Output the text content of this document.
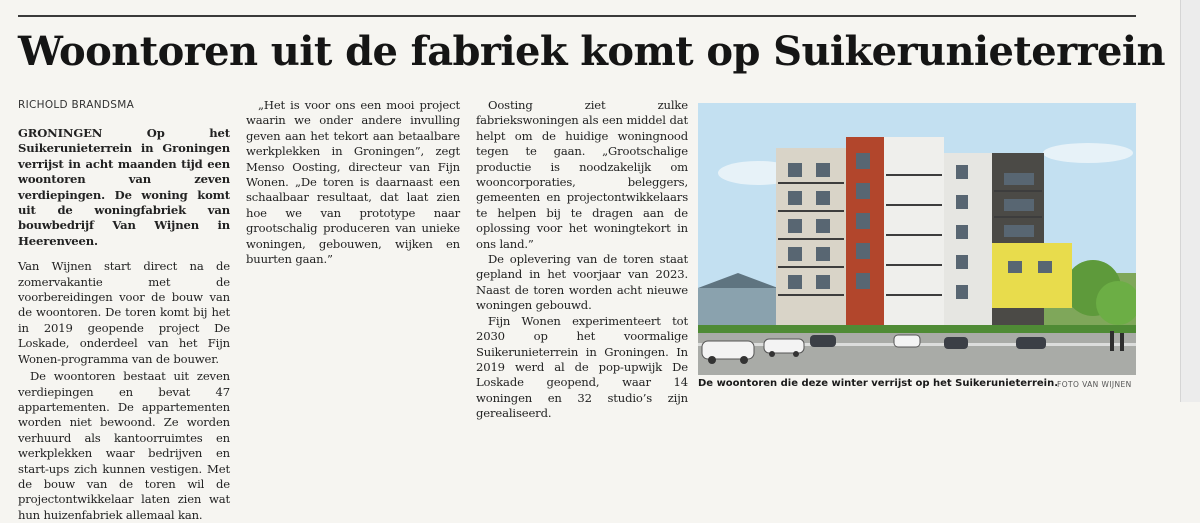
Woontoren uit de fabriek komt op Suikerunieterrein
RICHOLD BRANDSMA

GRONINGEN Op het Suikerunieterrein in Groningen verrijst in acht maanden tijd een woontoren van zeven verdiepingen. De woning komt uit de woningfabriek van bouwbedrijf Van Wijnen in Heerenveen.

Van Wijnen start direct na de zomervakantie met de voorbereidingen voor de bouw van de woontoren. De toren komt bij het in 2019 geopende project De Loskade, onderdeel van het Fijn Wonen-programma van de bouwer.

De woontoren bestaat uit zeven verdiepingen en bevat 47 appartementen. De appartementen worden niet bewoond. Ze worden verhuurd als kantoorruimtes en werkplekken waar bedrijven en start-ups zich kunnen vestigen. Met de bouw van de toren wil de projectontwikkelaar laten zien wat hun huizenfabriek allemaal kan.

„Het is voor ons een mooi project waarin we onder andere invulling geven aan het tekort aan betaalbare werkplekken in Groningen”, zegt Menso Oosting, directeur van Fijn Wonen. „De toren is daarnaast een schaalbaar resultaat, dat laat zien hoe we van prototype naar grootschalig produceren van unieke woningen, gebouwen, wijken en buurten gaan.”

Oosting ziet zulke fabriekswoningen als een middel dat helpt om de huidige woningnood tegen te gaan. „Grootschalige productie is noodzakelijk om wooncorporaties, beleggers, gemeenten en projectontwikkelaars te helpen bij te dragen aan de oplossing voor het woningtekort in ons land.”

De oplevering van de toren staat gepland in het voorjaar van 2023. Naast de toren worden acht nieuwe woningen gebouwd.

Fijn Wonen experimenteert tot 2030 op het voormalige Suikerunieterrein in Groningen. In 2019 werd al de pop-upwijk De Loskade geopend, waar 14 woningen en 32 studio’s zijn gerealiseerd.

De woontoren die deze winter verrijst op het Suikerunieterrein.
FOTO VAN WIJNEN
